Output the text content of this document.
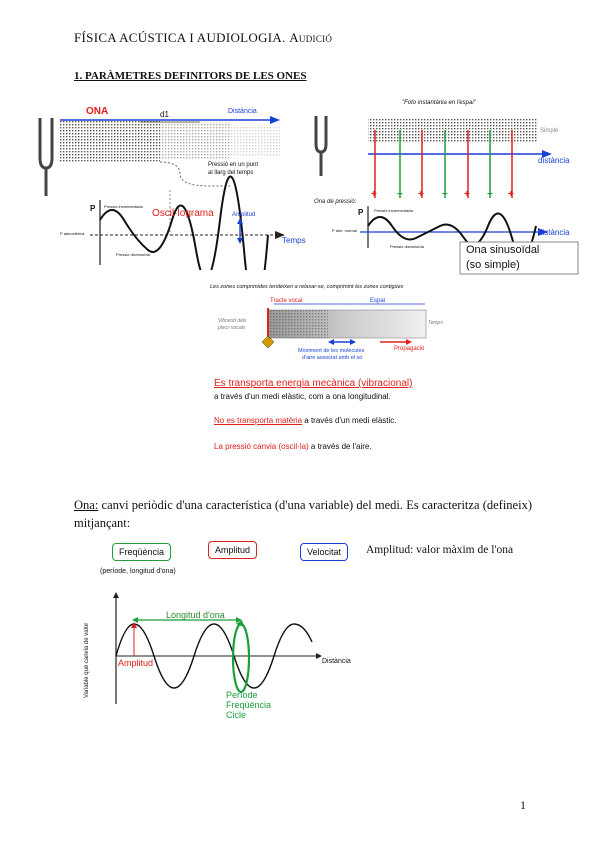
FÍSICA ACÚSTICA I AUDIOLOGIA. Audició
1. PARÀMETRES DEFINITORS DE LES ONES
ONA	d1	Distància
Pressió en un punt
al llarg del temps
P Pressió incrementada
Oscil·lograma	Amplitud
P atmosfèrica
Temps
Pressió disminuïda
+ − + − + − +
"Foto instantània en l'espai"
Simple
distància
Ona de pressió:
P	Pressió incrementada
P atm. normal
Pressió disminuïda
distància
Ona sinusoïdal
(so simple)
Les zones comprimides tendeixen a relaxar-se, comprimint les zones contigües
Tracte vocal	Espai
Vibració dels
plecs vocals
Temps
Moviment de les molècules
d'aire associat amb el so
Propagació
Es transporta energia mecànica (vibracional)
a través d'un medi elàstic, com a ona longitudinal.
No es transporta matèria a través d'un medi elàstic.
La pressió canvia (oscil·la) a través de l'aire.
Ona: canvi periòdic d'una característica (d'una variable) del medi. Es caracteritza (defineix) mitjançant:
Freqüència
(període, longitud d'ona)
Amplitud	Velocitat	Amplitud: valor màxim de l'ona
Variable que canvia de valor
Longitud d'ona
Amplitud	Distància
Període
Freqüència
Cicle
1
